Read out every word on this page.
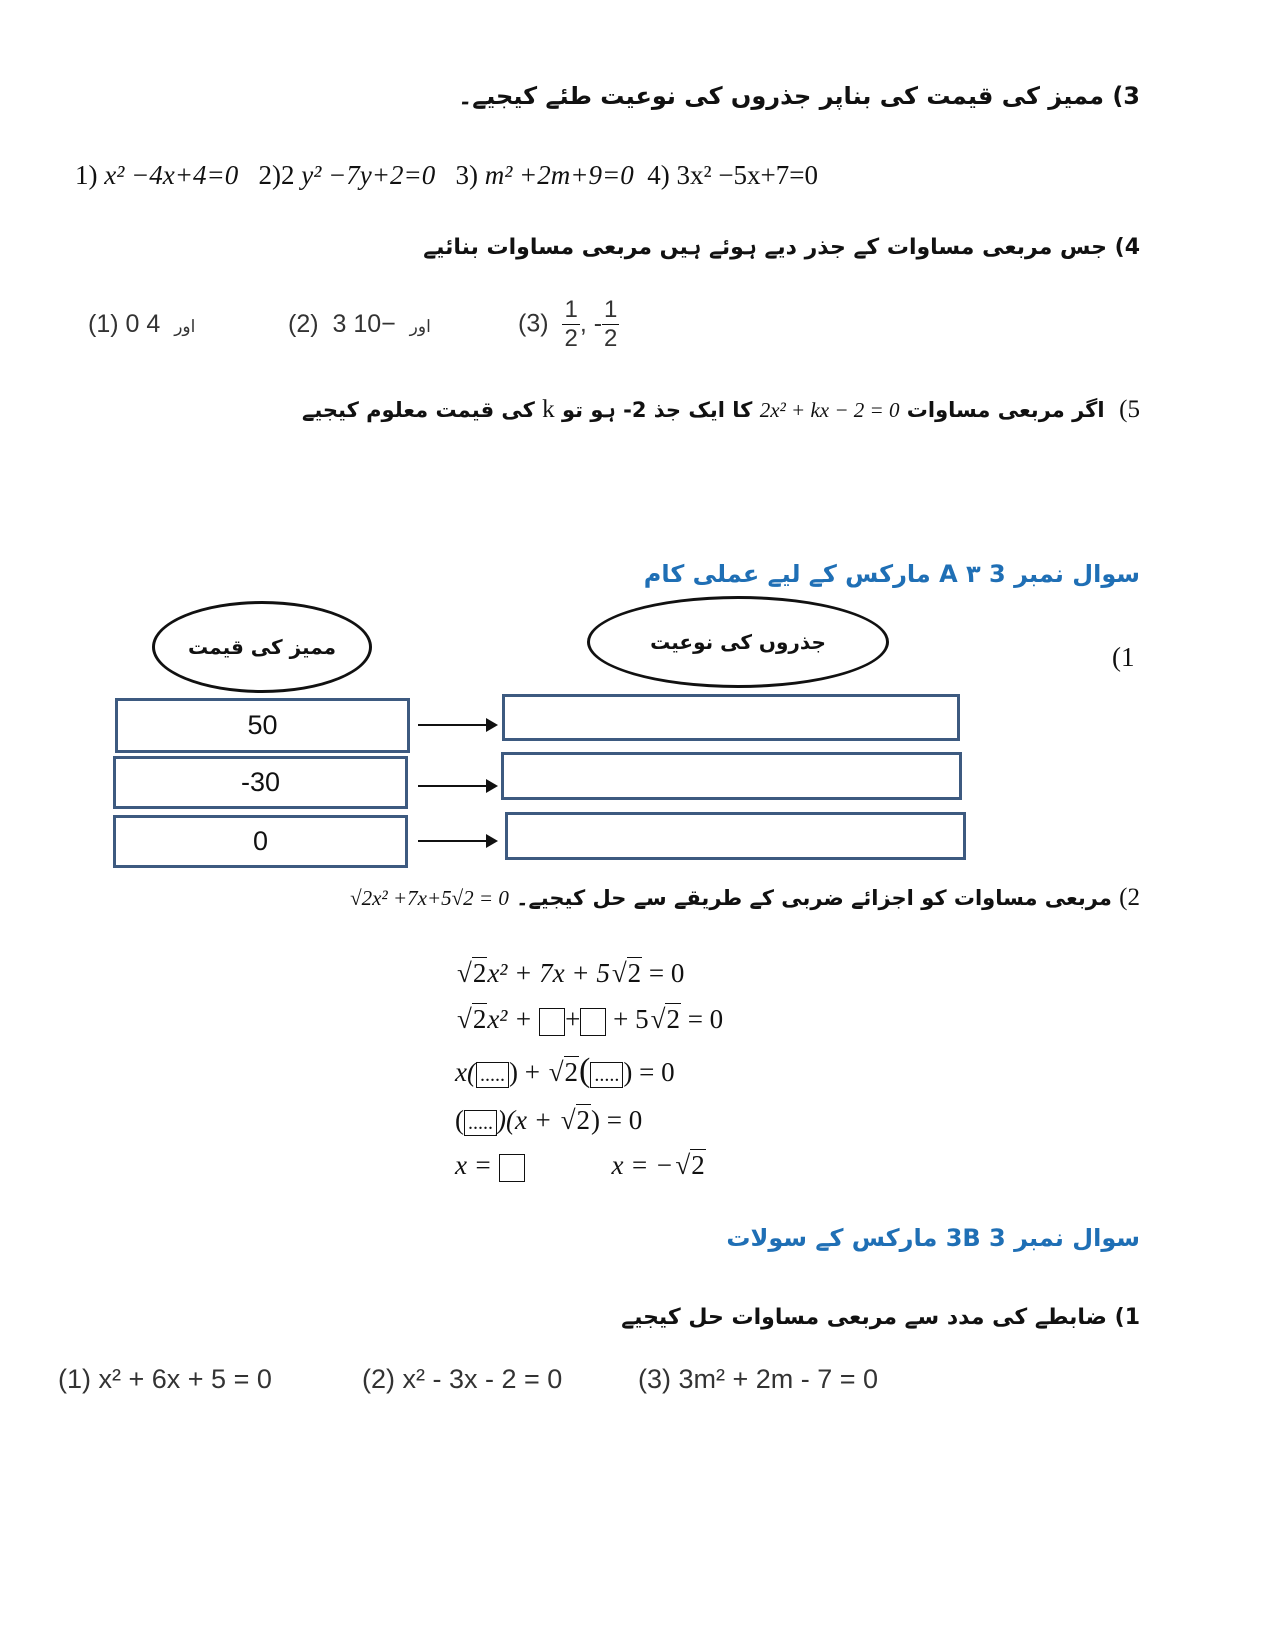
3) ممیز کی قیمت کی بناپر جذروں کی نوعیت طئے کیجیے۔
1) x² −4x+4=0 2)2 y² −7y+2=0 3) m² +2m+9=0 4) 3x² −5x+7=0
4) جس مربعی مساوات کے جذر دیے ہوئے ہیں مربعی مساوات بنائیے
(1) 0 اور  4	(2) 3	اور  −10	$(3) \frac{1}{2}$ , - $\frac{1}{2}$
5)  اگر مربعی مساوات 2x² + kx − 2 = 0 کا ایک جذ 2- ہو تو k کی قیمت معلوم کیجیے
سوال نمبر 3 A ۳ مارکس کے لیے عملی کام
(1
ممیز کی قیمت	جذروں کی نوعیت
50
-30
0
2) مربعی مساوات کو اجزائے ضربی کے طریقے سے حل کیجیے۔ √2x² +7x+5√2 = 0
√2x² + 7x + 5√2 = 0
√2x² + + + 5√2 = 0
x( ..... ) + √2( ..... ) = 0
( ..... )(x + √2) = 0
x =	x = −√2
سوال نمبر 3 3B مارکس کے سولات
1) ضابطے کی مدد سے مربعی مساوات حل کیجیے
(1) x² + 6x + 5 = 0	(2) x² - 3x - 2 = 0	(3) 3m² + 2m - 7 = 0
